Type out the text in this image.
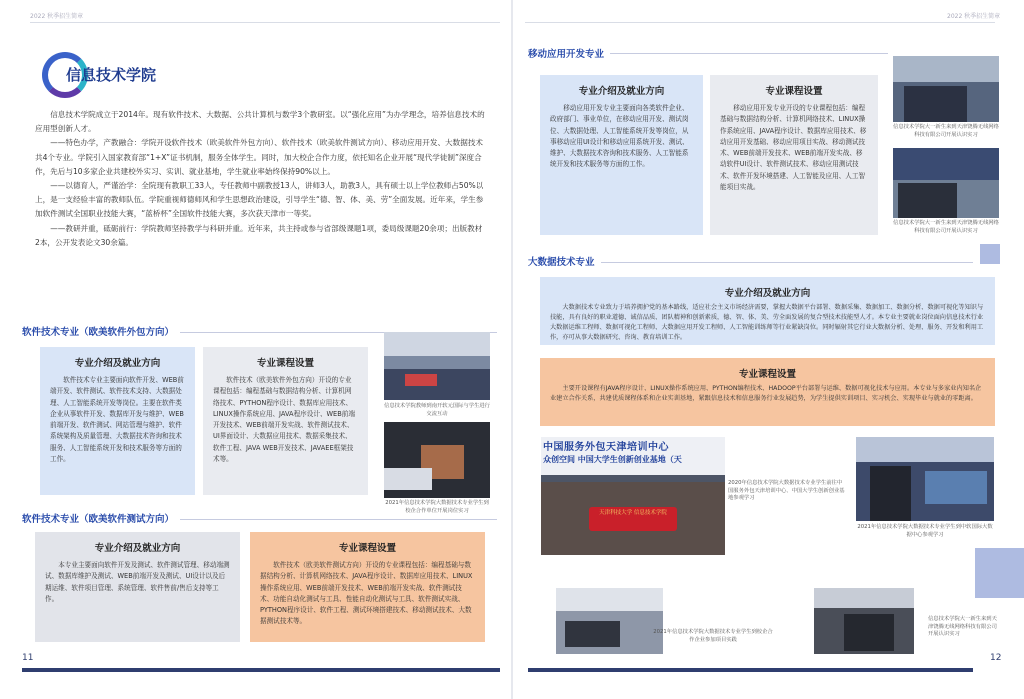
2022 秋季招生简章	2022 秋季招生简章
信息技术学院

信息技术学院成立于2014年。现有软件技术、大数据、公共计算机与数学3个教研室。以“强化应用”为办学理念，培养信息技术的应用型创新人才。

——特色办学，产教融合：学院开设软件技术（欧美软件外包方向）、软件技术（欧美软件测试方向）、移动应用开发、大数据技术共4个专业。学院引入国家教育部“1+X”证书机制，服务全体学生。同时，加大校企合作力度，依托知名企业开展“现代学徒制”深度合作，先后与10多家企业共建校外实习、实训、就业基地，学生就业率始终保持90%以上。

——以德育人，严谨治学：全院现有教职工33人，专任教师中副教授13人，讲师3人，助教3人，具有硕士以上学位教师占50%以上，是一支经验丰富的教师队伍。学院重视师德师风和学生思想政治建设，引导学生“德、智、体、美、劳”全面发展。近年来，学生参加软件测试全国职业技能大赛，“蓝桥杯”全国软件技能大赛，多次获天津市一等奖。

——教研并重，砥砺前行：学院教师坚持教学与科研并重。近年来，共主持或参与省部级课题1项，委局级课题20余项；出版教材2本，公开发表论文30余篇。

软件技术专业（欧美软件外包方向）
专业介绍及就业方向
软件技术专业主要面向软件开发、WEB前端开发、软件测试、软件技术支持、大数据处理、人工智能系统开发等岗位。主要在软件类企业从事软件开发、数据库开发与维护、WEB前端开发、软件测试、网站管理与维护、软件系统架构及质量管理、大数据技术咨询和技术服务、人工智能系统开发和技术服务等方面的工作。
专业课程设置
软件技术（欧美软件外包方向）开设的专业课程包括：编程基础与数据结构分析、计算机网络技术、PYTHON程序设计、数据库应用技术、LINUX操作系统应用、JAVA程序设计、WEB前端开发技术、WEB前端开发实战、软件测试技术、UI界面设计、大数据应用技术、数据采集技术、软件工程、JAVA WEB开发技术、JAVAEE框架技术等。
信息技术学院教师到南开软元国际与学生进行交流互动
2021年信息技术学院大数据技术专业学生到校企合作单位开展岗位实习
软件技术专业（欧美软件测试方向）
专业介绍及就业方向
本专业主要面向软件开发及测试、软件测试管理、移动端测试、数据库维护及测试、WEB前端开发及测试、UI设计以及后期运维、软件项目管理、系统管理、软件售前/售后支持等工作。
专业课程设置
软件技术（欧美软件测试方向）开设的专业课程包括：编程基础与数据结构分析、计算机网络技术、JAVA程序设计、数据库应用技术、LINUX操作系统应用、WEB前端开发技术、WEB前端开发实战、软件测试技术、功能自动化测试与工具、性能自动化测试与工具、软件测试实战、PYTHON程序设计、软件工程、测试环境搭建技术、移动测试技术、大数据测试技术等。
11
移动应用开发专业
专业介绍及就业方向
移动应用开发专业主要面向各类软件企业、政府部门、事业单位，在移动应用开发、测试岗位、大数据处理、人工智能系统开发等岗位，从事移动应用UI设计和移动应用系统开发、测试、维护、大数据技术咨询和技术服务、人工智能系统开发和技术服务等方面的工作。
专业课程设置
移动应用开发专业开设的专业课程包括：编程基础与数据结构分析、计算机网络技术、LINUX操作系统应用、JAVA程序设计、数据库应用技术、移动应用开发基础、移动应用项目实战、移动测试技术、WEB前端开发技术、WEB前端开发实战、移动软件UI设计、软件测试技术、移动应用测试技术、软件开发环境搭建、人工智能及应用、人工智能项目实战。
信息技术学院大一新生来到天津饶腾无线网络科技有限公司开展认识实习
信息技术学院大一新生来到天津饶腾无线网络科技有限公司开展认识实习
大数据技术专业
专业介绍及就业方向
大数据技术专业致力于培养拥护党的基本路线，适应社会主义市场经济需要，掌握大数据平台部署、数据采集、数据加工、数据分析、数据可视化等知识与技能，具有良好的职业道德、诚信品质、团队精神和创新素质，德、智、体、美、劳全面发展的复合型技术技能型人才。本专业主要就业岗位面向信息技术行业大数据运维工程师、数据可视化工程师、大数据应用开发工程师、人工智能训练师等行业紧缺岗位。同时辐射其它行业大数据分析、处理、服务、开发和利用工作，亦可从事大数据研究、咨询、教育培训工作。
专业课程设置
主要开设课程有JAVA程序设计、LINUX操作系统应用、PYTHON编程技术、HADOOP平台部署与运维、数据可视化技术与应用。本专业与多家业内知名企业建立合作关系，共建优质课程体系和企业实训基地，紧跟信息技术和信息服务行业发展趋势，为学生提供实训项目、实习机会、实现毕业与就业的零距离。
中国服务外包天津培训中心
众创空间 中国大学生创新创业基地（天
天津科技大学 信息技术学院
2020年信息技术学院大数据技术专业学生前往中国服务外包天津培训中心、中国大学生创新创业基地参观学习
2021年信息技术学院大数据技术专业学生到中软国际大数据中心参观学习
2021年信息技术学院大数据技术专业学生到校企合作企业参加项目实践
信息技术学院大一新生来到天津饶腾无线网络科技有限公司开展认识实习
12
